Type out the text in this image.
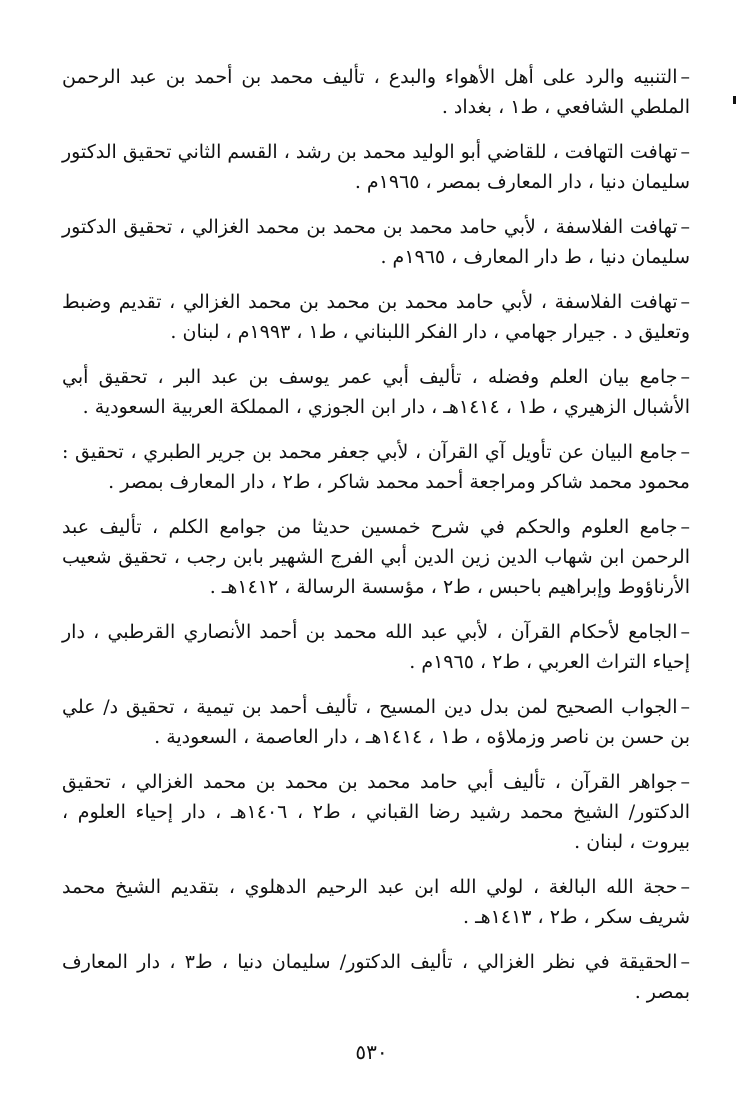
–التنبيه والرد على أهل الأهواء والبدع ، تأليف محمد بن أحمد بن عبد الرحمن الملطي الشافعي ، ط١ ، بغداد .

–تهافت التهافت ، للقاضي أبو الوليد محمد بن رشد ، القسم الثاني تحقيق الدكتور سليمان دنيا ، دار المعارف بمصر ، ١٩٦٥م .

–تهافت الفلاسفة ، لأبي حامد محمد بن محمد بن محمد الغزالي ، تحقيق الدكتور سليمان دنيا ، ط دار المعارف ، ١٩٦٥م .

–تهافت الفلاسفة ، لأبي حامد محمد بن محمد بن محمد الغزالي ، تقديم وضبط وتعليق د . جيرار جهامي ، دار الفكر اللبناني ، ط١ ، ١٩٩٣م ، لبنان .

–جامع بيان العلم وفضله ، تأليف أبي عمر يوسف بن عبد البر ، تحقيق أبي الأشبال الزهيري ، ط١ ، ١٤١٤هـ ، دار ابن الجوزي ، المملكة العربية السعودية .

–جامع البيان عن تأويل آي القرآن ، لأبي جعفر محمد بن جرير الطبري ، تحقيق : محمود محمد شاكر ومراجعة أحمد محمد شاكر ، ط٢ ، دار المعارف بمصر .

–جامع العلوم والحكم في شرح خمسين حديثا من جوامع الكلم ، تأليف عبد الرحمن ابن شهاب الدين زين الدين أبي الفرج الشهير بابن رجب ، تحقيق شعيب الأرناؤوط وإبراهيم باحبس ، ط٢ ، مؤسسة الرسالة ، ١٤١٢هـ .

–الجامع لأحكام القرآن ، لأبي عبد الله محمد بن أحمد الأنصاري القرطبي ، دار إحياء التراث العربي ، ط٢ ، ١٩٦٥م .

–الجواب الصحيح لمن بدل دين المسيح ، تأليف أحمد بن تيمية ، تحقيق د/ علي بن حسن بن ناصر وزملاؤه ، ط١ ، ١٤١٤هـ ، دار العاصمة ، السعودية .

–جواهر القرآن ، تأليف أبي حامد محمد بن محمد بن محمد الغزالي ، تحقيق الدكتور/ الشيخ محمد رشيد رضا القباني ، ط٢ ، ١٤٠٦هـ ، دار إحياء العلوم ، بيروت ، لبنان .

–حجة الله البالغة ، لولي الله ابن عبد الرحيم الدهلوي ، بتقديم الشيخ محمد شريف سكر ، ط٢ ، ١٤١٣هـ .

–الحقيقة في نظر الغزالي ، تأليف الدكتور/ سليمان دنيا ، ط٣ ، دار المعارف بمصر .

٥٣٠
